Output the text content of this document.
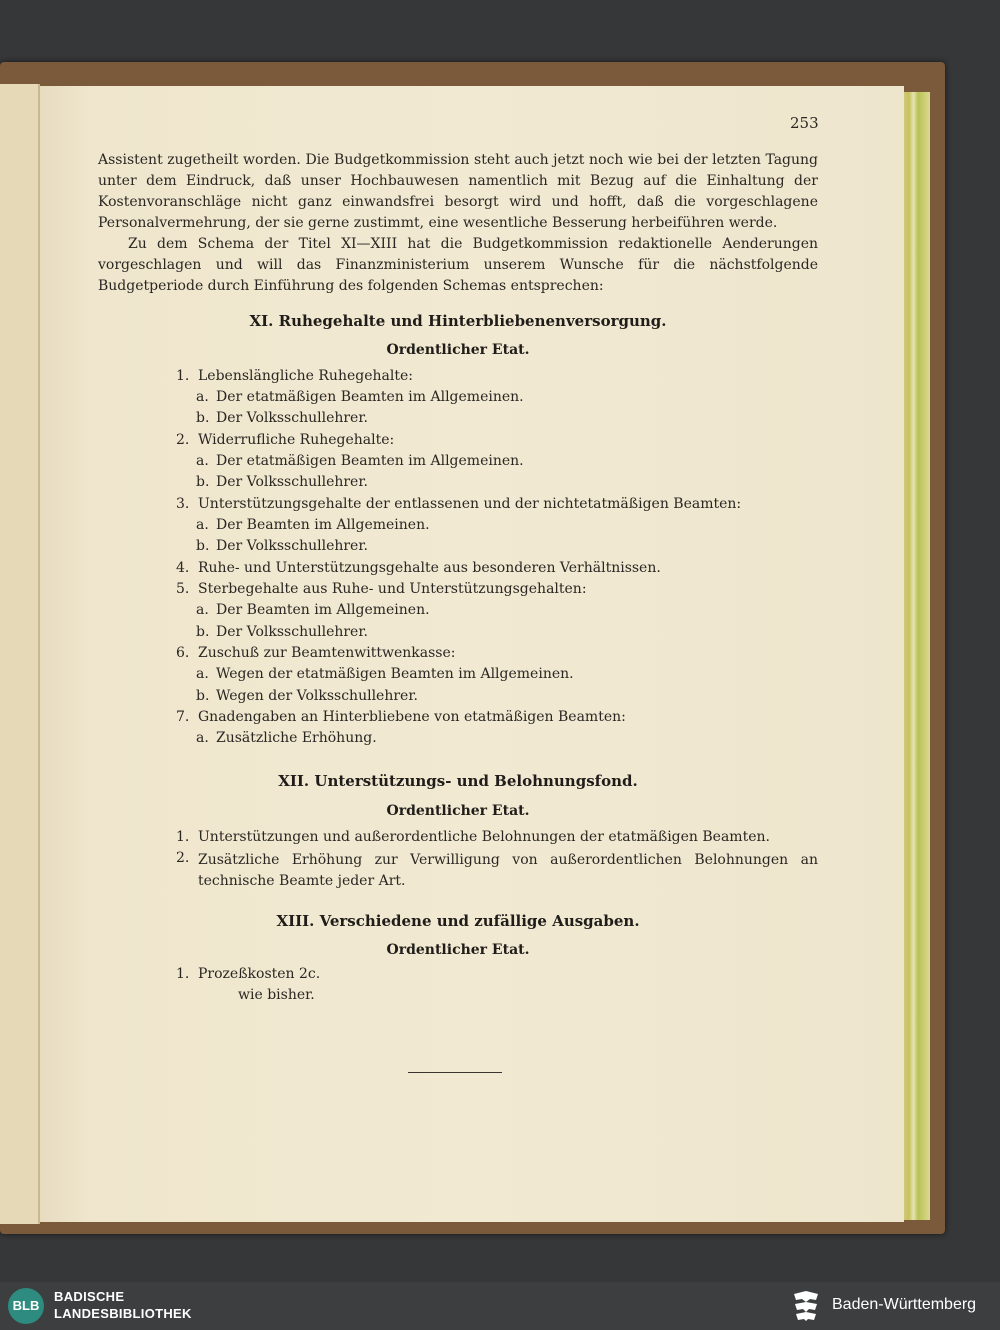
253

Assistent zugetheilt worden. Die Budgetkommission steht auch jetzt noch wie bei der letzten Tagung unter dem Eindruck, daß unser Hochbauwesen namentlich mit Bezug auf die Einhaltung der Kostenvoranschläge nicht ganz einwandsfrei besorgt wird und hofft, daß die vorgeschlagene Personalvermehrung, der sie gerne zustimmt, eine wesentliche Besserung herbeiführen werde.

Zu dem Schema der Titel XI—XIII hat die Budgetkommission redaktionelle Aenderungen vorgeschlagen und will das Finanzministerium unserem Wunsche für die nächstfolgende Budgetperiode durch Einführung des folgenden Schemas entsprechen:

XI. Ruhegehalte und Hinterbliebenenversorgung.
Ordentlicher Etat.
1. Lebenslängliche Ruhegehalte:
a. Der etatmäßigen Beamten im Allgemeinen.
b. Der Volksschullehrer.
2. Widerrufliche Ruhegehalte:
a. Der etatmäßigen Beamten im Allgemeinen.
b. Der Volksschullehrer.
3. Unterstützungsgehalte der entlassenen und der nichtetatmäßigen Beamten:
a. Der Beamten im Allgemeinen.
b. Der Volksschullehrer.
4. Ruhe- und Unterstützungsgehalte aus besonderen Verhältnissen.
5. Sterbegehalte aus Ruhe- und Unterstützungsgehalten:
a. Der Beamten im Allgemeinen.
b. Der Volksschullehrer.
6. Zuschuß zur Beamtenwittwenkasse:
a. Wegen der etatmäßigen Beamten im Allgemeinen.
b. Wegen der Volksschullehrer.
7. Gnadengaben an Hinterbliebene von etatmäßigen Beamten:
a. Zusätzliche Erhöhung.
XII. Unterstützungs- und Belohnungsfond.
Ordentlicher Etat.
1. Unterstützungen und außerordentliche Belohnungen der etatmäßigen Beamten.
2. Zusätzliche Erhöhung zur Verwilligung von außerordentlichen Belohnungen an technische Beamte jeder Art.
XIII. Verschiedene und zufällige Ausgaben.
Ordentlicher Etat.
1. Prozeßkosten 2c.
wie bisher.
BLB
BADISCHE
LANDESBIBLIOTHEK
Baden-Württemberg
